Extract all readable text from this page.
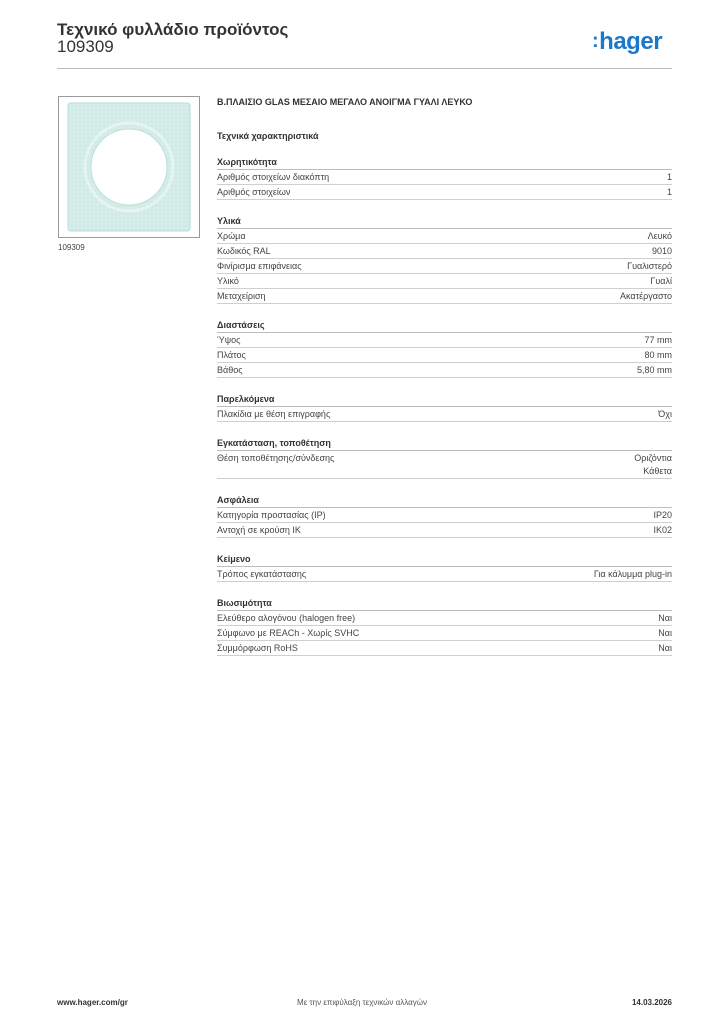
Τεχνικό φυλλάδιο προϊόντος
109309	:hager
109309
Β.ΠΛΑΙΣΙΟ GLAS ΜΕΣΑΙΟ ΜΕΓΑΛΟ ΑΝΟΙΓΜΑ ΓΥΑΛΙ ΛΕΥΚΟ
Τεχνικά χαρακτηριστικά
Χωρητικότητα
Αριθμός στοιχείων διακόπτη	1
Αριθμός στοιχείων	1
Υλικά
Χρώμα	Λευκό
Κωδικός RAL	9010
Φινίρισμα επιφάνειας	Γυαλιστερό
Υλικό	Γυαλί
Μεταχείριση	Ακατέργαστο
Διαστάσεις
Ύψος	77 mm
Πλάτος	80 mm
Βάθος	5,80 mm
Παρελκόμενα
Πλακίδια με θέση επιγραφής	Όχι
Εγκατάσταση, τοποθέτηση
Θέση τοποθέτησης/σύνδεσης	Οριζόντια
Κάθετα
Ασφάλεια
Κατηγορία προστασίας (IP)	IP20
Αντοχή σε κρούση IK	IK02
Κείμενο
Τρόπος εγκατάστασης	Για κάλυμμα plug-in
Βιωσιμότητα
Ελεύθερο αλογόνου (halogen free)	Ναι
Σύμφωνο με REACh - Χωρίς SVHC	Ναι
Συμμόρφωση RoHS	Ναι
www.hager.com/gr	Με την επιφύλαξη τεχνικών αλλαγών	14.03.2026
